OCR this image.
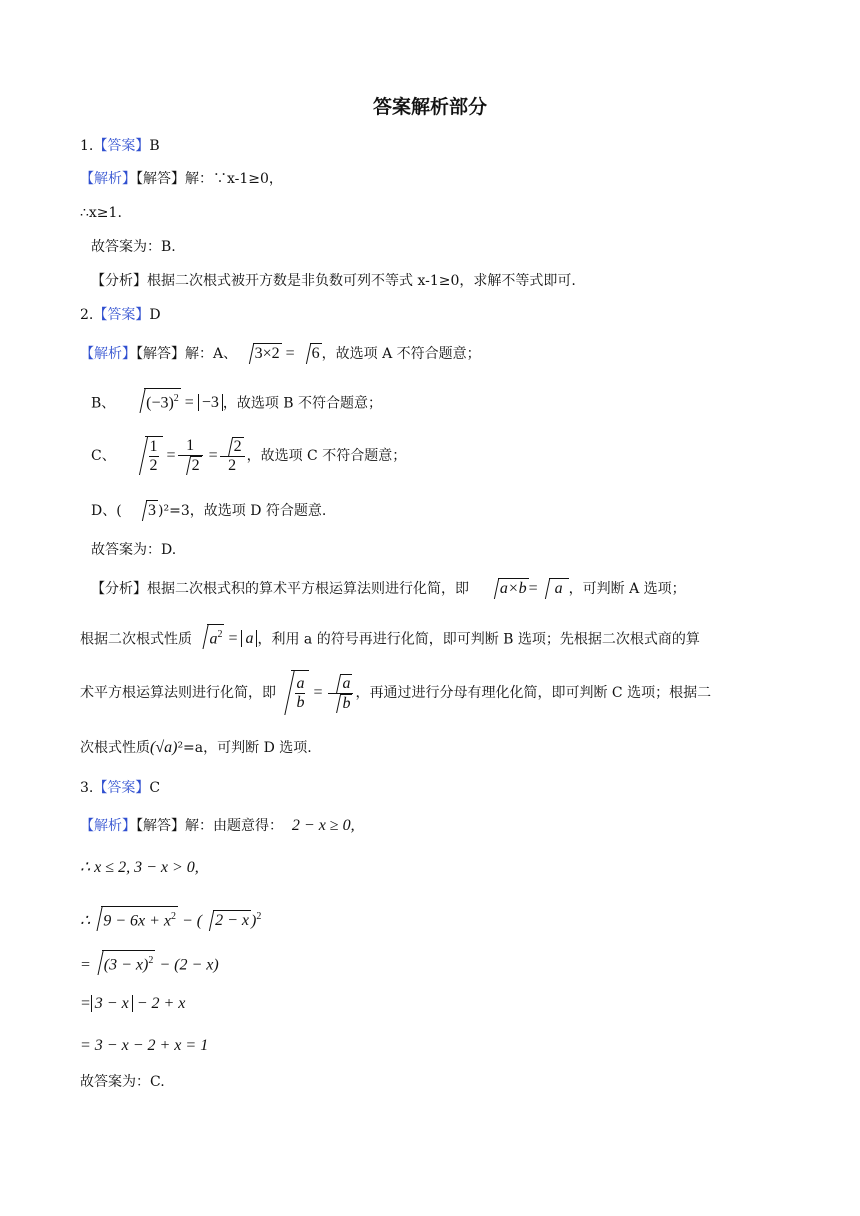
答案解析部分
1.【答案】B
【解析】【解答】解：∵x-1≥0，
∴x≥1.
故答案为：B.
【分析】根据二次根式被开方数是非负数可列不等式 x-1≥0，求解不等式即可.
2.【答案】D
【解析】【解答】解：A、 3×2 = 6 ，故选项 A 不符合题意；
B、 $(-3)^2 = -3$ ，故选项 B 不符合题意；
C、 $\frac{1}{2} = \frac{1}{2} = \frac{2}{2}$ ，故选项 C 不符合题意；
D、( 3 )²=3，故选项 D 符合题意.
故答案为：D.
【分析】根据二次根式积的算术平方根运算法则进行化简，即 a×b = a ，可判断 A 选项；
根据二次根式性质 $a^2 = a$ ，利用 a 的符号再进行化简，即可判断 B 选项；先根据二次根式商的算
术平方根运算法则进行化简，即 $\frac{a}{b} = \frac{a}{b}$ ，再通过进行分母有理化化简，即可判断 C 选项；根据二
次根式性质(√a)²=a，可判断 D 选项.
3.【答案】C
【解析】【解答】解：由题意得： 2 − x ≥ 0,
∴ x ≤ 2, 3 − x > 0,
∴ $9 - 6x + x^2$ − ( 2 − x )$^2$
= $(3 - x)^2 - (2 - x)$
= 3 − x − 2 + x
= 3 − x − 2 + x = 1
故答案为：C.
